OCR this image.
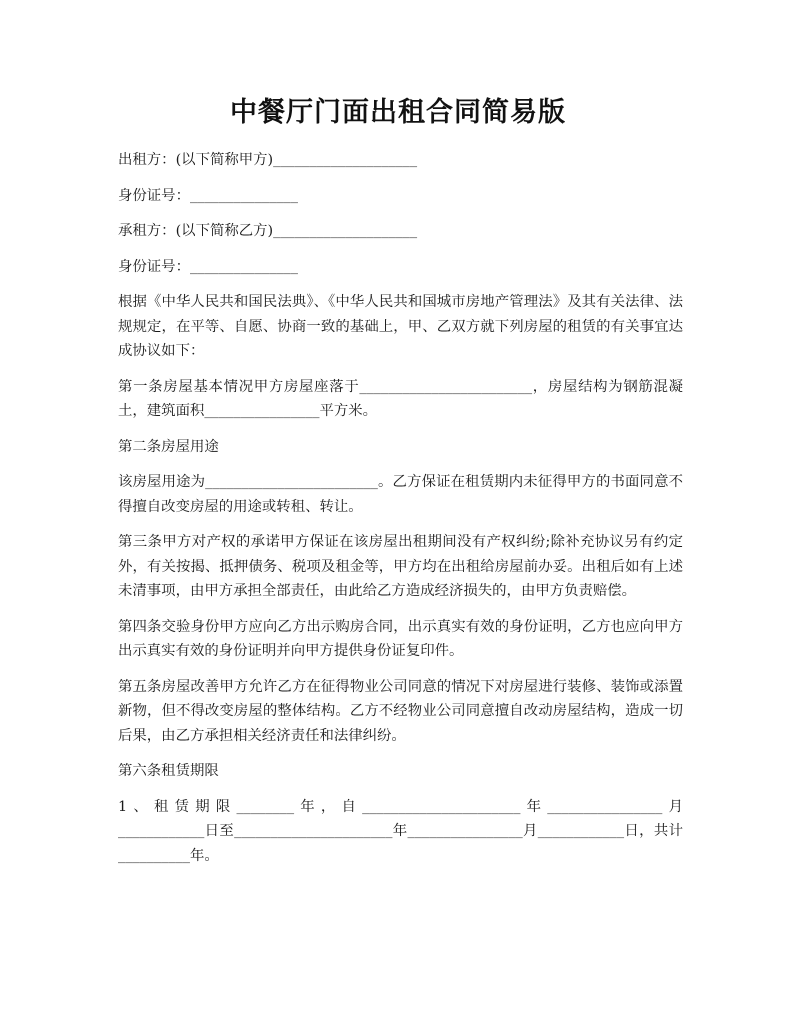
中餐厅门面出租合同简易版

出租方：(以下简称甲方)____________________

身份证号：_______________

承租方：(以下简称乙方)____________________

身份证号：_______________

根据《中华人民共和国民法典》、《中华人民共和国城市房地产管理法》及其有关法律、法规规定，在平等、自愿、协商一致的基础上，甲、乙双方就下列房屋的租赁的有关事宜达成协议如下：

第一条房屋基本情况甲方房屋座落于________________________，房屋结构为钢筋混凝土，建筑面积________________平方米。

第二条房屋用途

该房屋用途为________________________。乙方保证在租赁期内未征得甲方的书面同意不得擅自改变房屋的用途或转租、转让。

第三条甲方对产权的承诺甲方保证在该房屋出租期间没有产权纠纷;除补充协议另有约定外，有关按揭、抵押债务、税项及租金等，甲方均在出租给房屋前办妥。出租后如有上述未清事项，由甲方承担全部责任，由此给乙方造成经济损失的，由甲方负责赔偿。

第四条交验身份甲方应向乙方出示购房合同，出示真实有效的身份证明，乙方也应向甲方出示真实有效的身份证明并向甲方提供身份证复印件。

第五条房屋改善甲方允许乙方在征得物业公司同意的情况下对房屋进行装修、装饰或添置新物，但不得改变房屋的整体结构。乙方不经物业公司同意擅自改动房屋结构，造成一切后果，由乙方承担相关经济责任和法律纠纷。

第六条租赁期限

1、租赁期限________年，自______________________年________________月____________日至______________________年________________月____________日，共计__________年。
